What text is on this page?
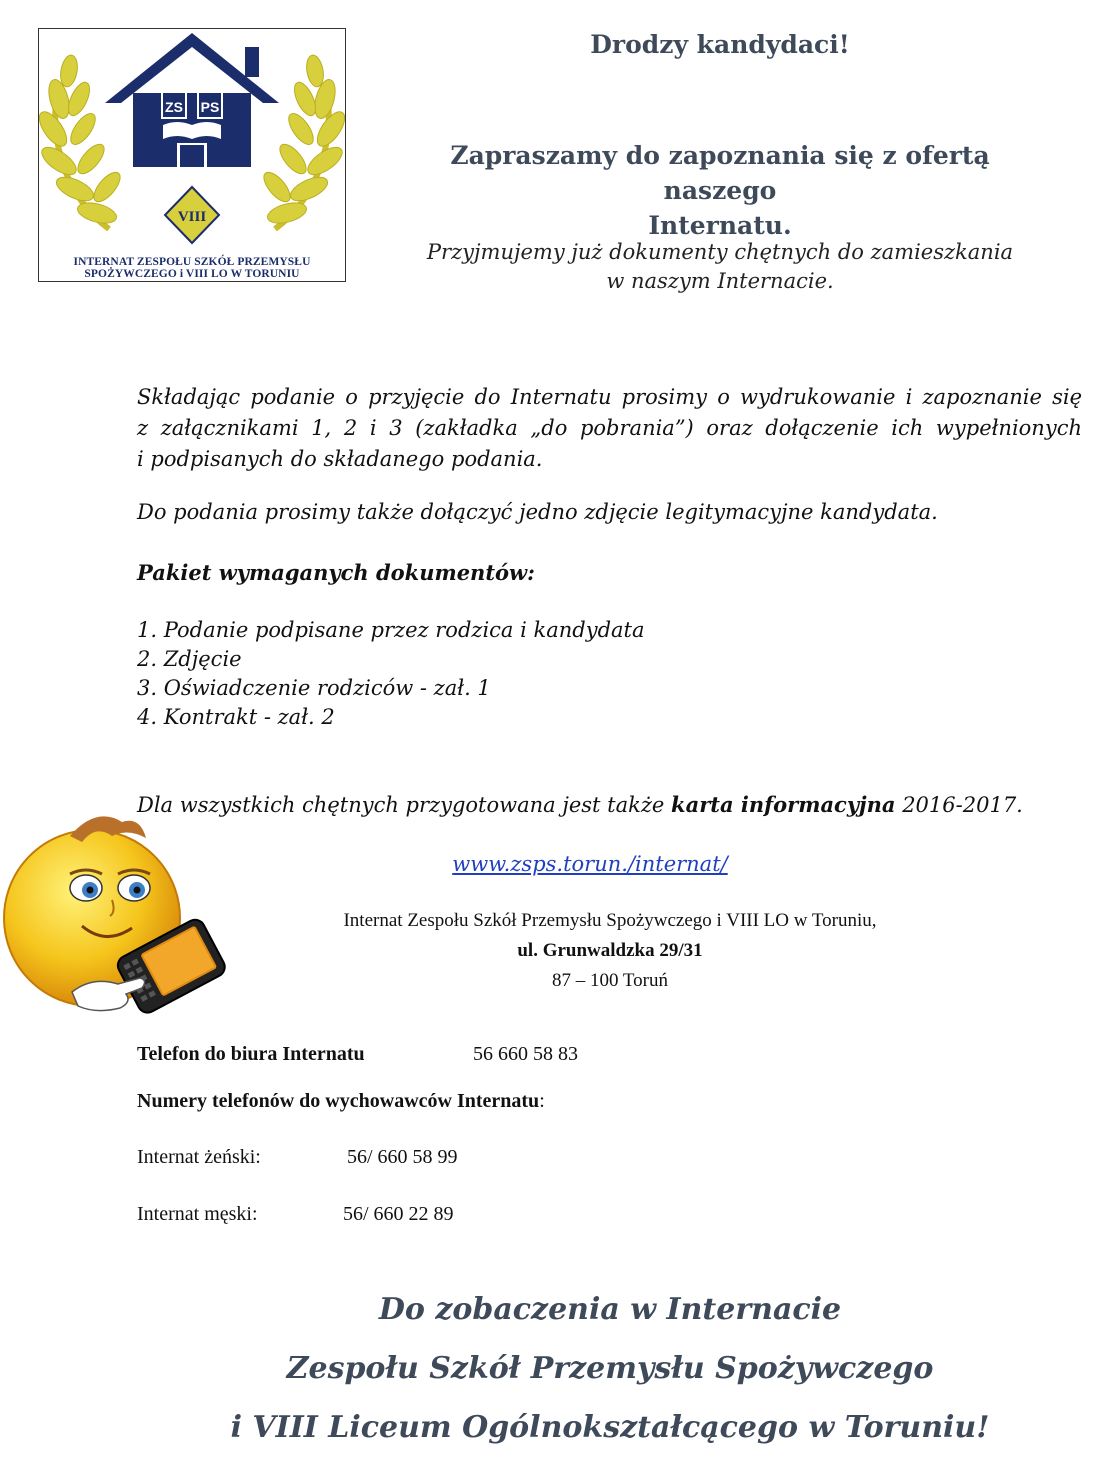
ZS PS
VIII
INTERNAT ZESPOŁU SZKÓŁ PRZEMYSŁU
SPOŻYWCZEGO i VIII LO W TORUNIU
Drodzy kandydaci!
Zapraszamy do zapoznania się z ofertą naszego
Internatu.
Przyjmujemy już dokumenty chętnych do zamieszkania
w naszym Internacie.
Składając podanie o przyjęcie do Internatu prosimy o wydrukowanie i zapoznanie się
z załącznikami 1, 2 i 3 (zakładka „do pobrania”) oraz dołączenie ich wypełnionych
i podpisanych do składanego podania.
Do podania prosimy także dołączyć jedno zdjęcie legitymacyjne kandydata.
Pakiet wymaganych dokumentów:
1. Podanie podpisane przez rodzica i kandydata
2. Zdjęcie
3. Oświadczenie rodziców - zał. 1
4. Kontrakt - zał. 2
Dla wszystkich chętnych przygotowana jest także karta informacyjna 2016-2017.
www.zsps.torun./internat/
Internat Zespołu Szkół Przemysłu Spożywczego i VIII LO w Toruniu,
ul. Grunwaldzka 29/31
87 – 100 Toruń
Telefon do biura Internatu	56 660 58 83
Numery telefonów do wychowawców Internatu:
Internat żeński:	56/ 660 58 99
Internat męski:	56/ 660 22 89
Do zobaczenia w Internacie
Zespołu Szkół Przemysłu Spożywczego
i VIII Liceum Ogólnokształcącego w Toruniu!
